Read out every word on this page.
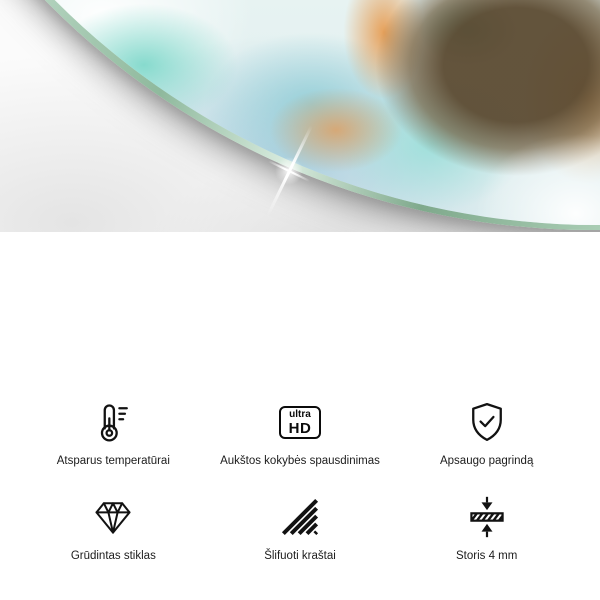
Atsparus temperatūrai
ultra
HD
Aukštos kokybės spausdinimas	Apsaugo pagrindą
Grūdintas stiklas	Šlifuoti kraštai	Storis 4 mm
